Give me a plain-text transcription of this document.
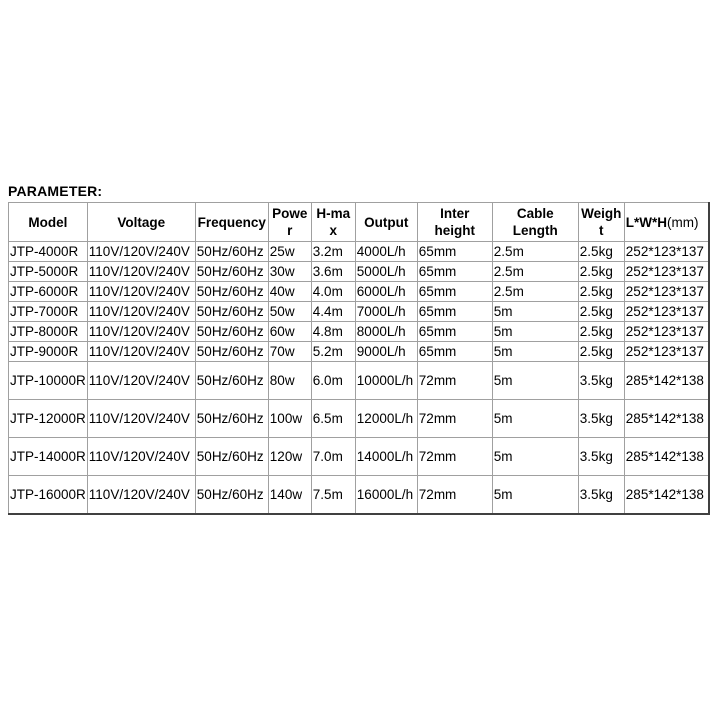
PARAMETER:
Model	Voltage	Frequency	Power	H-max	Output	Inter height	Cable Length	Weight	L*W*H(mm)
JTP-4000R	110V/120V/240V	50Hz/60Hz	25w	3.2m	4000L/h	65mm	2.5m	2.5kg	252*123*137
JTP-5000R	110V/120V/240V	50Hz/60Hz	30w	3.6m	5000L/h	65mm	2.5m	2.5kg	252*123*137
JTP-6000R	110V/120V/240V	50Hz/60Hz	40w	4.0m	6000L/h	65mm	2.5m	2.5kg	252*123*137
JTP-7000R	110V/120V/240V	50Hz/60Hz	50w	4.4m	7000L/h	65mm	5m	2.5kg	252*123*137
JTP-8000R	110V/120V/240V	50Hz/60Hz	60w	4.8m	8000L/h	65mm	5m	2.5kg	252*123*137
JTP-9000R	110V/120V/240V	50Hz/60Hz	70w	5.2m	9000L/h	65mm	5m	2.5kg	252*123*137
JTP-10000R	110V/120V/240V	50Hz/60Hz	80w	6.0m	10000L/h	72mm	5m	3.5kg	285*142*138
JTP-12000R	110V/120V/240V	50Hz/60Hz	100w	6.5m	12000L/h	72mm	5m	3.5kg	285*142*138
JTP-14000R	110V/120V/240V	50Hz/60Hz	120w	7.0m	14000L/h	72mm	5m	3.5kg	285*142*138
JTP-16000R	110V/120V/240V	50Hz/60Hz	140w	7.5m	16000L/h	72mm	5m	3.5kg	285*142*138
